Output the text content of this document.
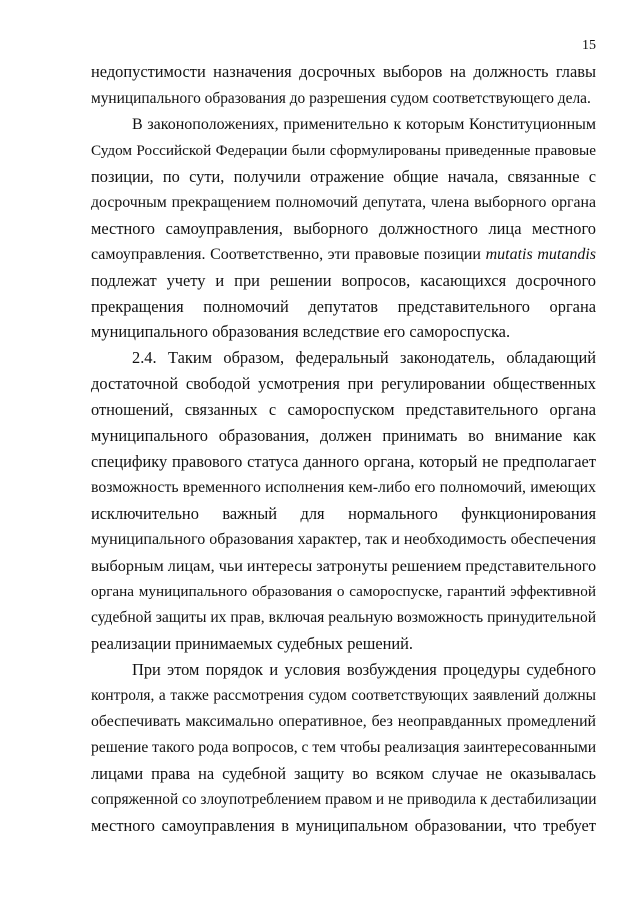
15
недопустимости назначения досрочных выборов на должность главы
муниципального образования до разрешения судом соответствующего дела.
В законоположениях, применительно к которым Конституционным
Судом Российской Федерации были сформулированы приведенные правовые
позиции, по сути, получили отражение общие начала, связанные с
досрочным прекращением полномочий депутата, члена выборного органа
местного самоуправления, выборного должностного лица местного
самоуправления. Соответственно, эти правовые позиции mutatis mutandis
подлежат учету и при решении вопросов, касающихся досрочного
прекращения полномочий депутатов представительного органа
муниципального образования вследствие его самороспуска.
2.4. Таким образом, федеральный законодатель, обладающий
достаточной свободой усмотрения при регулировании общественных
отношений, связанных с самороспуском представительного органа
муниципального образования, должен принимать во внимание как
специфику правового статуса данного органа, который не предполагает
возможность временного исполнения кем-либо его полномочий, имеющих
исключительно важный для нормального функционирования
муниципального образования характер, так и необходимость обеспечения
выборным лицам, чьи интересы затронуты решением представительного
органа муниципального образования о самороспуске, гарантий эффективной
судебной защиты их прав, включая реальную возможность принудительной
реализации принимаемых судебных решений.
При этом порядок и условия возбуждения процедуры судебного
контроля, а также рассмотрения судом соответствующих заявлений должны
обеспечивать максимально оперативное, без неоправданных промедлений
решение такого рода вопросов, с тем чтобы реализация заинтересованными
лицами права на судебной защиту во всяком случае не оказывалась
сопряженной со злоупотреблением правом и не приводила к дестабилизации
местного самоуправления в муниципальном образовании, что требует
